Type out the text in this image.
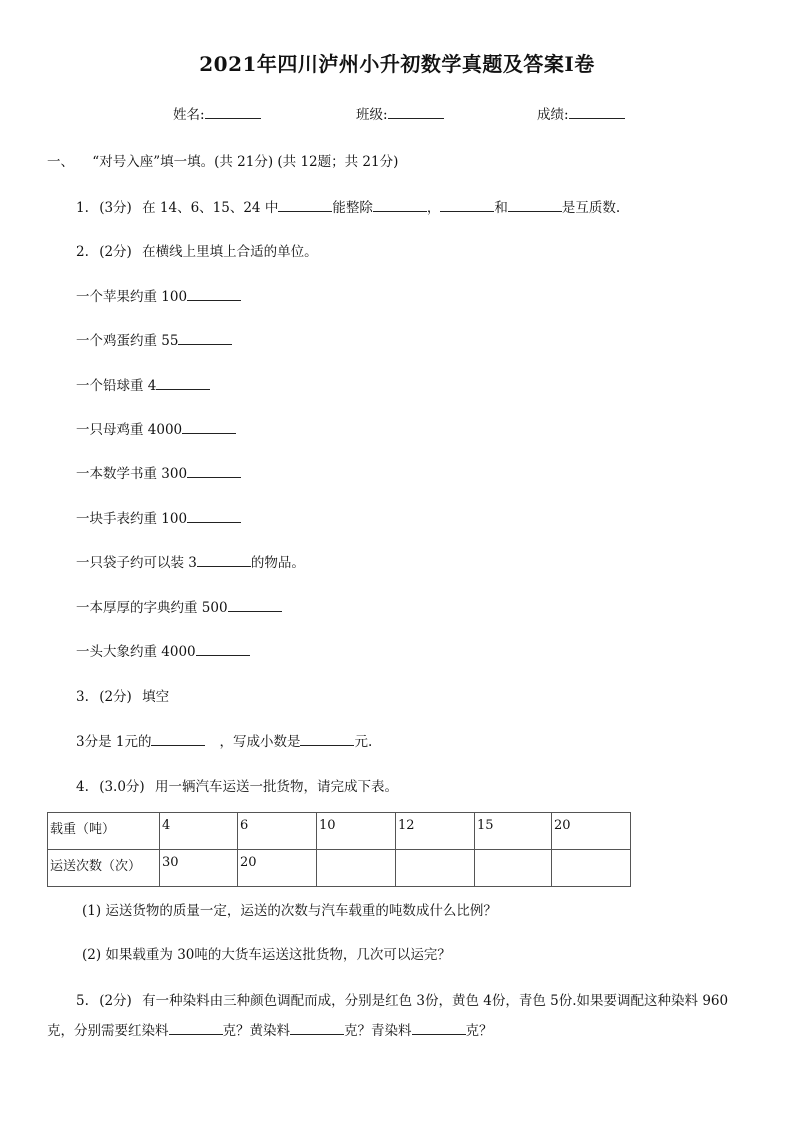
2021年四川泸州小升初数学真题及答案Ⅰ卷
姓名:	班级:	成绩:
一、 “对号入座”填一填。(共 21分) (共 12题；共 21分)
1. (3分) 在 14、6、15、24 中	能整除	，	和	是互质数.
2. (2分) 在横线上里填上合适的单位。
一个苹果约重 100
一个鸡蛋约重 55
一个铅球重 4
一只母鸡重 4000
一本数学书重 300
一块手表约重 100
一只袋子约可以装 3	的物品。
一本厚厚的字典约重 500
一头大象约重 4000
3. (2分) 填空
3分是 1元的	，写成小数是	元.
4. (3.0分) 用一辆汽车运送一批货物，请完成下表。
载重（吨）	4	6	10	12	15	20
运送次数（次）	30	20				
(1) 运送货物的质量一定，运送的次数与汽车载重的吨数成什么比例？
(2) 如果载重为 30吨的大货车运送这批货物，几次可以运完？
5. (2分) 有一种染料由三种颜色调配而成，分别是红色 3份，黄色 4份，青色 5份.如果要调配这种染料 960
克，分别需要红染料	克？黄染料	克？青染料	克？
